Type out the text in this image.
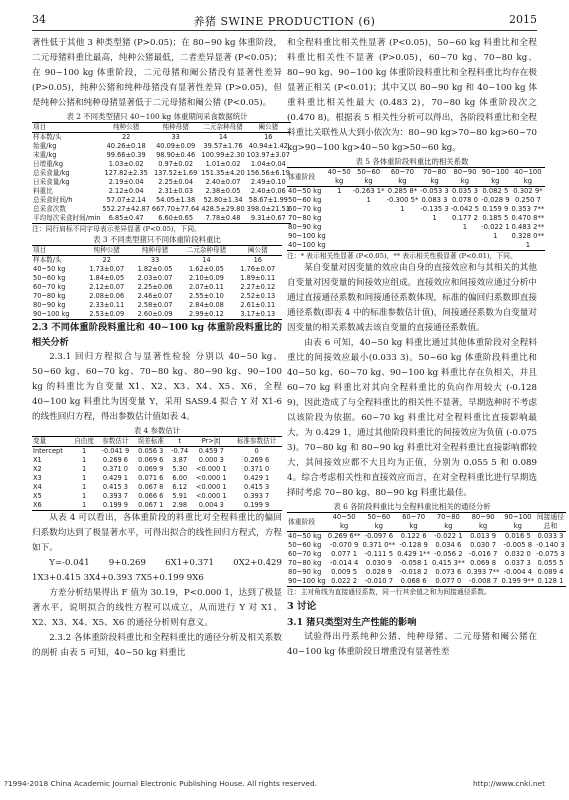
34	养猪 SWINE PRODUCTION (6)	2015

著性低于其他 3 种类型猪 (P>0.05)；在 80~90 kg 体重阶段，二元母猪料重比最高，纯种公猪最低，二者差异显著 (P<0.05)；在 90~100 kg 体重阶段，二元母猪和阉公猪没有显著性差异 (P>0.05)，纯种公猪和纯种母猪没有显著性差异 (P>0.05)，但是纯种公猪和纯种母猪显著低于二元母猪和阉公猪 (P<0.05)。

表 2 不同类型猪只 40~100 kg 体重期间采食数据统计
项目	纯种公猪	纯种母猪	二元杂种母猪	阉公猪
样本数/头	22	33	14	16
始重/kg	40.26±0.18	40.09±0.09	39.57±1.76	40.94±1.42
末重/kg	99.66±0.39	98.90±0.46	100.99±2.30	103.97±3.07
日增重/kg	1.03±0.02	0.97±0.02	1.01±0.02	1.04±0.04
总采食量/kg	127.82±2.35	137.52±1.69	151.35±4.20	156.56±6.19
日采食量/kg	2.19±0.04	2.25±0.04	2.40±0.07	2.49±0.10
料重比	2.12±0.04	2.31±0.03	2.38±0.05	2.40±0.06
总采食时间/h	57.07±2.14	54.05±1.38	52.80±1.34	58.67±1.99
总采食次数	552.27±42.87	667.70±77.64	428.5±29.80	398.0±21.51
平均每次采食时间/min	6.85±0.47	6.60±0.65	7.78±0.48	9.31±0.67
注：同行肩标不同字母表示差异显著 (P<0.05)，下同。
表 3 不同类型猪只不同体重阶段料重比
项目	纯种公猪	纯种母猪	二元杂种母猪	阉公猪
样本数/头	22	33	14	16
40~50 kg	1.73±0.07	1.82±0.05	1.62±0.05	1.76±0.07
50~60 kg	1.84±0.05	2.03±0.07	2.10±0.09	1.89±0.11
60~70 kg	2.12±0.07	2.25±0.06	2.07±0.11	2.27±0.12
70~80 kg	2.08±0.06	2.46±0.07	2.55±0.10	2.52±0.13
80~90 kg	2.33±0.11	2.58±0.07	2.84±0.08	2.61±0.11
90~100 kg	2.53±0.09	2.60±0.09	2.99±0.12	3.17±0.13

2.3 不同体重阶段料重比和 40~100 kg 体重阶段料重比的相关分析

2.3.1 回归方程拟合与显著性检验 分别以 40~50 kg、50~60 kg、60~70 kg、70~80 kg、80~90 kg、90~100 kg 的料重比为自变量 X1、X2、X3、X4、X5、X6，全程 40~100 kg 料重比为因变量 Y，采用 SAS9.4 拟合 Y 对 X1-6 的线性回归方程，得出参数估计值如表 4。

表 4 参数估计
变量	自由度	参数估计	误差标准	t	Pr>|t|	标准参数估计
Intercept	1	-0.041 9	0.056 3	-0.74	0.459 7	0
X1	1	0.269 6	0.069 6	3.87	0.000 3	0.269 6
X2	1	0.371 0	0.069 9	5.30	<0.000 1	0.371 0
X3	1	0.429 1	0.071 6	6.00	<0.000 1	0.429 1
X4	1	0.415 3	0.067 8	6.12	<0.000 1	0.415 3
X5	1	0.393 7	0.066 6	5.91	<0.000 1	0.393 7
X6	1	0.199 9	0.067 1	2.98	0.004 3	0.199 9

从表 4 可以看出，各体重阶段的料重比对全程料重比的偏回归系数均达到了极显著水平，可得出拟合的线性回归方程式，方程如下。

Y=-0.041 9+0.269 6X1+0.371 0X2+0.429 1X3+0.415 3X4+0.393 7X5+0.199 9X6

方差分析结果得出 F 值为 30.19，P<0.000 1，达到了极显著水平，说明拟合的线性方程可以成立，从而进行 Y 对 X1、X2、X3、X4、X5、X6 的通径分析则有意义。

2.3.2 各体重阶段料重比和全程料重比的通径分析及相关系数的剖析 由表 5 可知，40~50 kg 料重比

和全程料重比相关性显著 (P<0.05)，50~60 kg 料重比和全程料重比相关性不显著 (P>0.05)，60~70 kg、70~80 kg、80~90 kg、90~100 kg 体重阶段料重比和全程料重比均存在极显著正相关 (P<0.01)；其中又以 80~90 kg 和 40~100 kg 体重料重比相关性最大 (0.483 2)，70~80 kg 体重阶段次之 (0.470 8)。根据表 5 相关性分析可以得出，各阶段料重比和全程料重比关联性从大到小依次为：80~90 kg>70~80 kg>60~70 kg>90~100 kg>40~50 kg>50~60 kg。

表 5 各体重阶段料重比的相关系数
体重阶段	40~50 kg	50~60 kg	60~70 kg	70~80 kg	80~90 kg	90~100 kg	40~100 kg
40~50 kg	1	-0.263 1*	0.285 8*	-0.053 3	0.035 3	0.082 5	0.302 9*
50~60 kg		1	-0.300 5*	0.083 3	0.078 0	-0.028 9	0.250 7
60~70 kg			1	-0.135 3	-0.042 5	0.159 9	0.353 7**
70~80 kg				1	0.177 2	0.185 5	0.470 8**
80~90 kg					1	-0.022 1	0.483 2**
90~100 kg						1	0.328 0**
40~100 kg							1
注：* 表示相关性显著 (P<0.05)，** 表示相关性极显著 (P<0.01)，下同。

某自变量对因变量的效应由自身的直接效应和与其相关的其他自变量对因变量的间接效应组成。直接效应和间接效应通过分析中通过直接通径系数和间接通径系数体现，标准的偏回归系数即直接通径系数(即表 4 中的标准参数估计值)，间接通径系数为自变量对因变量的相关系数减去该自变量的直接通径系数值。

由表 6 可知，40~50 kg 料重比通过其他体重阶段对全程料重比的间接效应最小(0.033 3)。50~60 kg 体重阶段料重比和 40~50 kg、60~70 kg、90~100 kg 料重比存在负相关，并且 60~70 kg 料重比对其向全程料重比的负向作用较大 (-0.128 9)，因此造成了与全程料重比的相关性不显著，早期选种时不考虑以该阶段为依据。60~70 kg 料重比对全程料重比直接影响最大，为 0.429 1，通过其他阶段料重比的间接效应为负值 (-0.075 3)。70~80 kg 和 80~90 kg 料重比对全程料重比直接影响都较大，其间接效应都不大且均为正值，分别为 0.055 5 和 0.089 4。综合考虑相关性和直接效应而言，在对全程料重比进行早期选择时考虑 70~80 kg、80~90 kg 料重比最佳。

表 6 各阶段料重比与全程料重比相关的通径分析
体重阶段	40~50 kg	50~60 kg	60~70 kg	70~80 kg	80~90 kg	90~100 kg	间接通径总和
40~50 kg	0.269 6**	-0.097 6	0.122 6	-0.022 1	0.013 9	0.016 5	0.033 3
50~60 kg	-0.070 9	0.371 0**	-0.128 9	0.034 6	0.030 7	-0.005 8	-0.140 3
60~70 kg	0.077 1	-0.111 5	0.429 1**	-0.056 2	-0.016 7	0.032 0	-0.075 3
70~80 kg	-0.014 4	0.030 9	-0.058 1	0.415 3**	0.069 8	0.037 3	0.055 5
80~90 kg	0.009 5	0.028 9	-0.018 2	0.073 6	0.393 7**	-0.004 4	0.089 4
90~100 kg	0.022 2	-0.010 7	0.068 6	0.077 0	-0.008 7	0.199 9**	0.128 1
注：主对角线为直接通径系数，同一行其余值之和为间接通径系数。

3 讨论

3.1 猪只类型对生产性能的影响

试验得出丹系纯种公猪、纯种母猪、二元母猪和阉公猪在 40~100 kg 体重阶段日增重没有显著性差

?1994-2018 China Academic Journal Electronic Publishing House. All rights reserved.	http://www.cnki.net
